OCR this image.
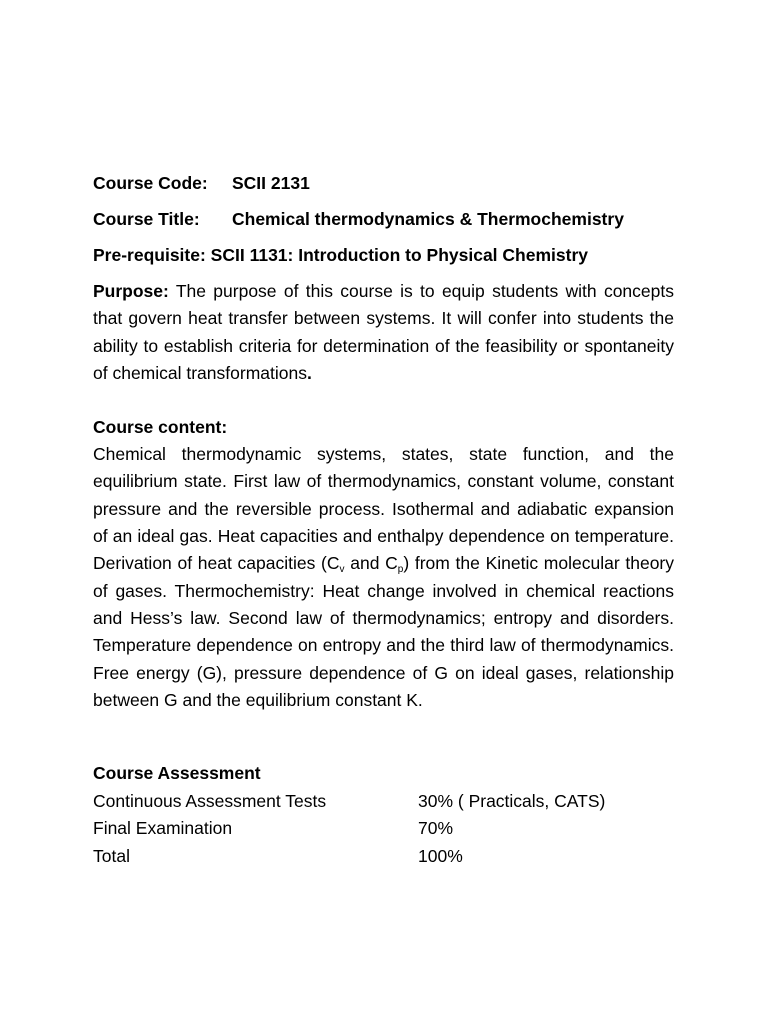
Course Code: SCII 2131
Course Title: Chemical thermodynamics & Thermochemistry
Pre-requisite: SCII 1131: Introduction to Physical Chemistry
Purpose: The purpose of this course is to equip students with concepts that govern heat transfer between systems. It will confer into students the ability to establish criteria for determination of the feasibility or spontaneity of chemical transformations.
Course content:
Chemical thermodynamic systems, states, state function, and the equilibrium state. First law of thermodynamics, constant volume, constant pressure and the reversible process. Isothermal and adiabatic expansion of an ideal gas. Heat capacities and enthalpy dependence on temperature. Derivation of heat capacities ($C_v$ and $C_p$) from the Kinetic molecular theory of gases. Thermochemistry: Heat change involved in chemical reactions and Hess’s law. Second law of thermodynamics; entropy and disorders. Temperature dependence on entropy and the third law of thermodynamics. Free energy (G), pressure dependence of G on ideal gases, relationship between G and the equilibrium constant K.
Course Assessment
Continuous Assessment Tests	30% ( Practicals, CATS)
Final Examination	70%
Total	100%
